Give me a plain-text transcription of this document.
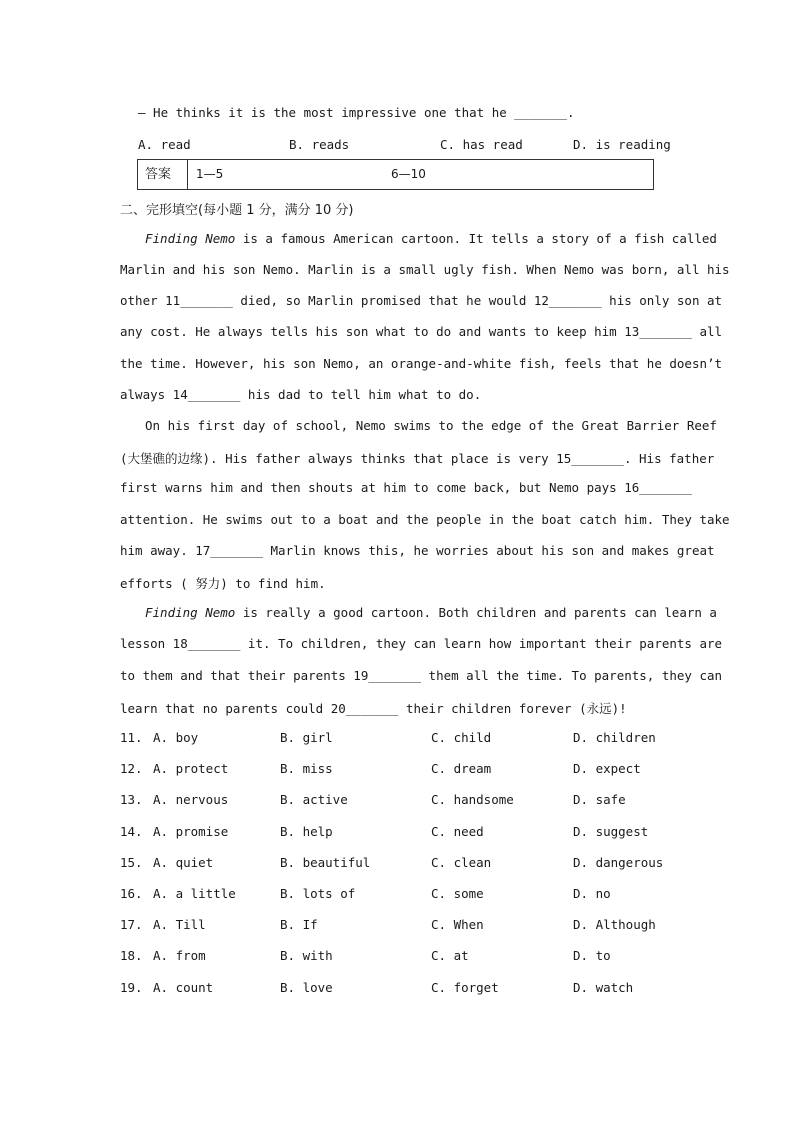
— He thinks it is the most impressive one that he _______.
A. read	B. reads	C. has read	D. is reading
答案	1—5	6—10
二、完形填空(每小题 1 分，满分 10 分)
Finding Nemo is a famous American cartoon. It tells a story of a fish called
Marlin and his son Nemo. Marlin is a small ugly fish. When Nemo was born, all his
other 11_______ died, so Marlin promised that he would 12_______ his only son at
any cost. He always tells his son what to do and wants to keep him 13_______ all
the time. However, his son Nemo, an orange-and-white fish, feels that he doesn’t
always 14_______ his dad to tell him what to do.
On his first day of school, Nemo swims to the edge of the Great Barrier Reef
(大堡礁的边缘). His father always thinks that place is very 15_______. His father
first warns him and then shouts at him to come back, but Nemo pays 16_______
attention. He swims out to a boat and the people in the boat catch him. They take
him away. 17_______ Marlin knows this, he worries about his son and makes great
efforts ( 努力) to find him.
Finding Nemo is really a good cartoon. Both children and parents can learn a
lesson 18_______ it. To children, they can learn how important their parents are
to them and that their parents 19_______ them all the time. To parents, they can
learn that no parents could 20_______ their children forever (永远)!
11. A. boy	B. girl	C. child	D. children
12. A. protect	B. miss	C. dream	D. expect
13. A. nervous	B. active	C. handsome	D. safe
14. A. promise	B. help	C. need	D. suggest
15. A. quiet	B. beautiful	C. clean	D. dangerous
16. A. a little	B. lots of	C. some	D. no
17. A. Till	B. If	C. When	D. Although
18. A. from	B. with	C. at	D. to
19. A. count	B. love	C. forget	D. watch
